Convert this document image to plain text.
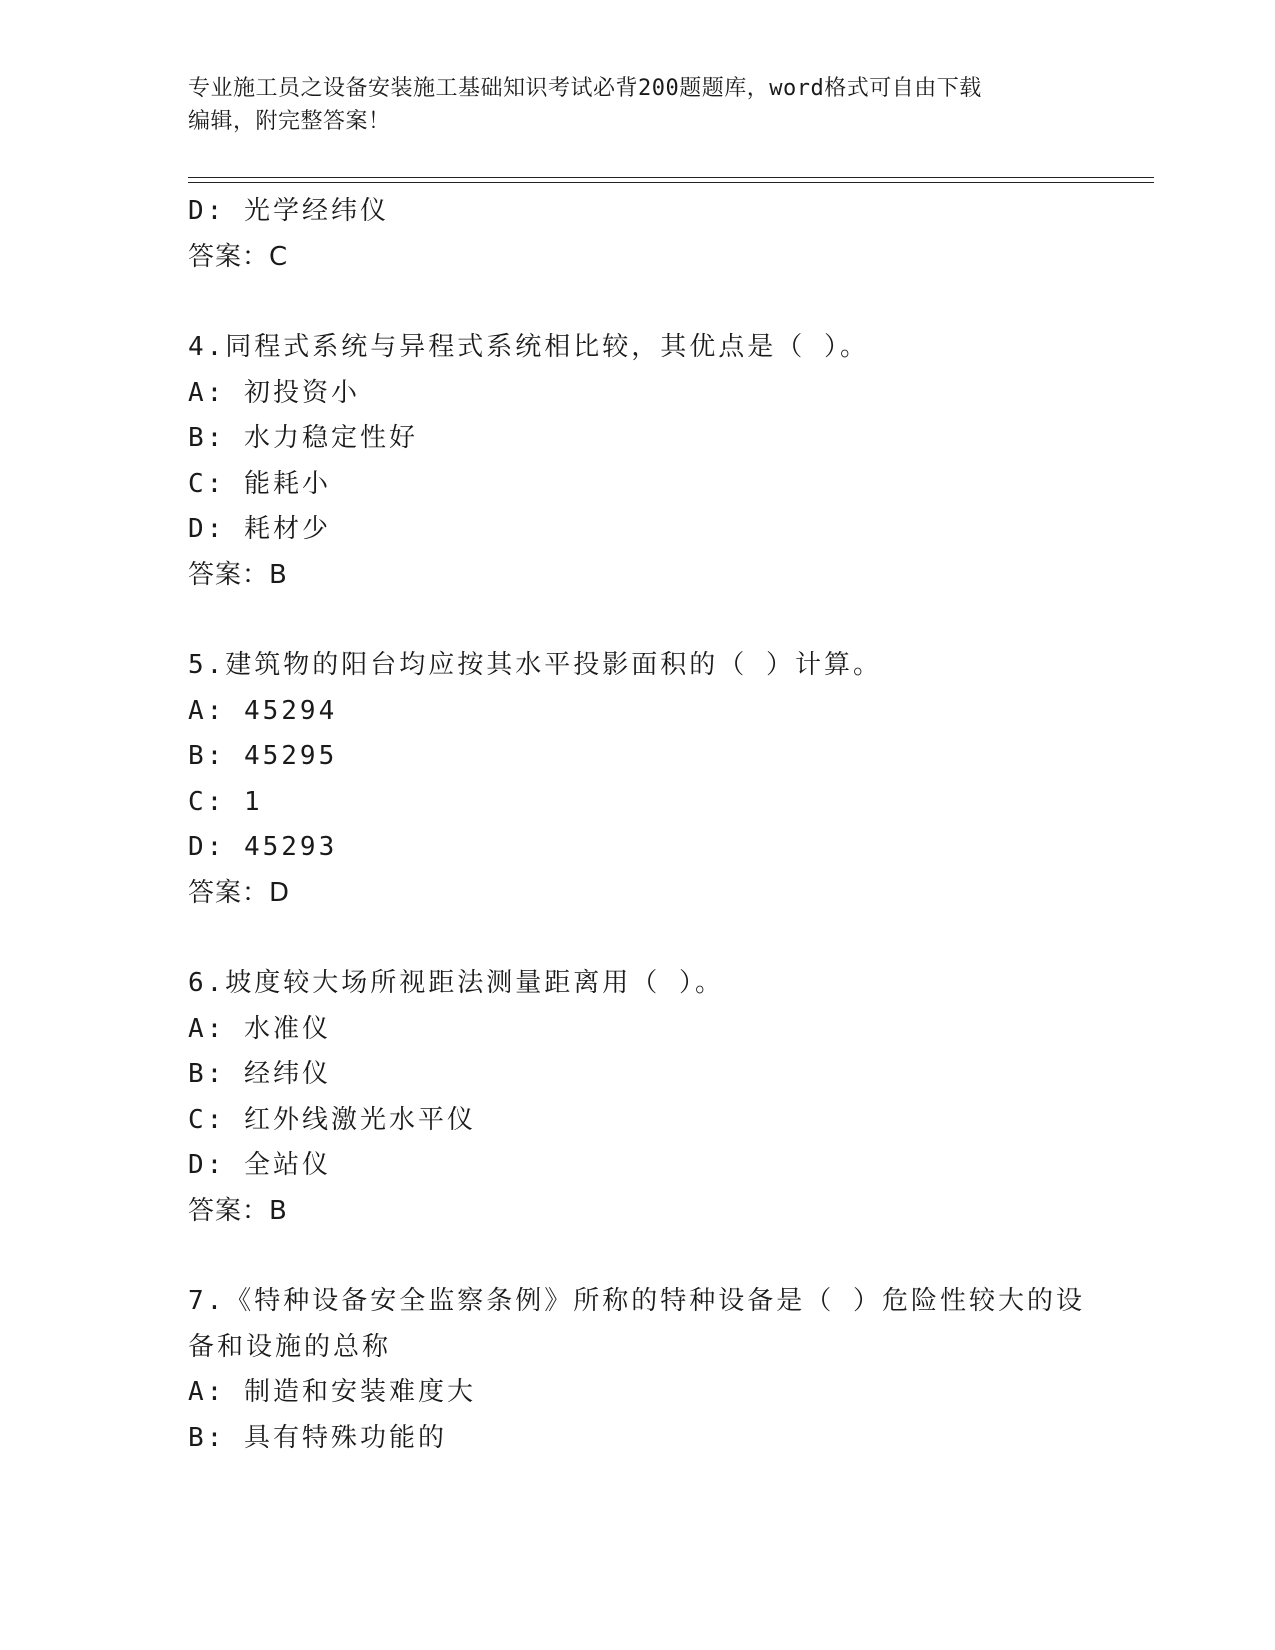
专业施工员之设备安装施工基础知识考试必背200题题库，word格式可自由下载
编辑，附完整答案！
D: 光学经纬仪
答案：C
4.同程式系统与异程式系统相比较，其优点是（ ）。
A: 初投资小
B: 水力稳定性好
C: 能耗小
D: 耗材少
答案：B
5.建筑物的阳台均应按其水平投影面积的（ ）计算。
A: 45294
B: 45295
C: 1
D: 45293
答案：D
6.坡度较大场所视距法测量距离用（ ）。
A: 水准仪
B: 经纬仪
C: 红外线激光水平仪
D: 全站仪
答案：B
7.《特种设备安全监察条例》所称的特种设备是（ ）危险性较大的设
备和设施的总称
A: 制造和安装难度大
B: 具有特殊功能的
